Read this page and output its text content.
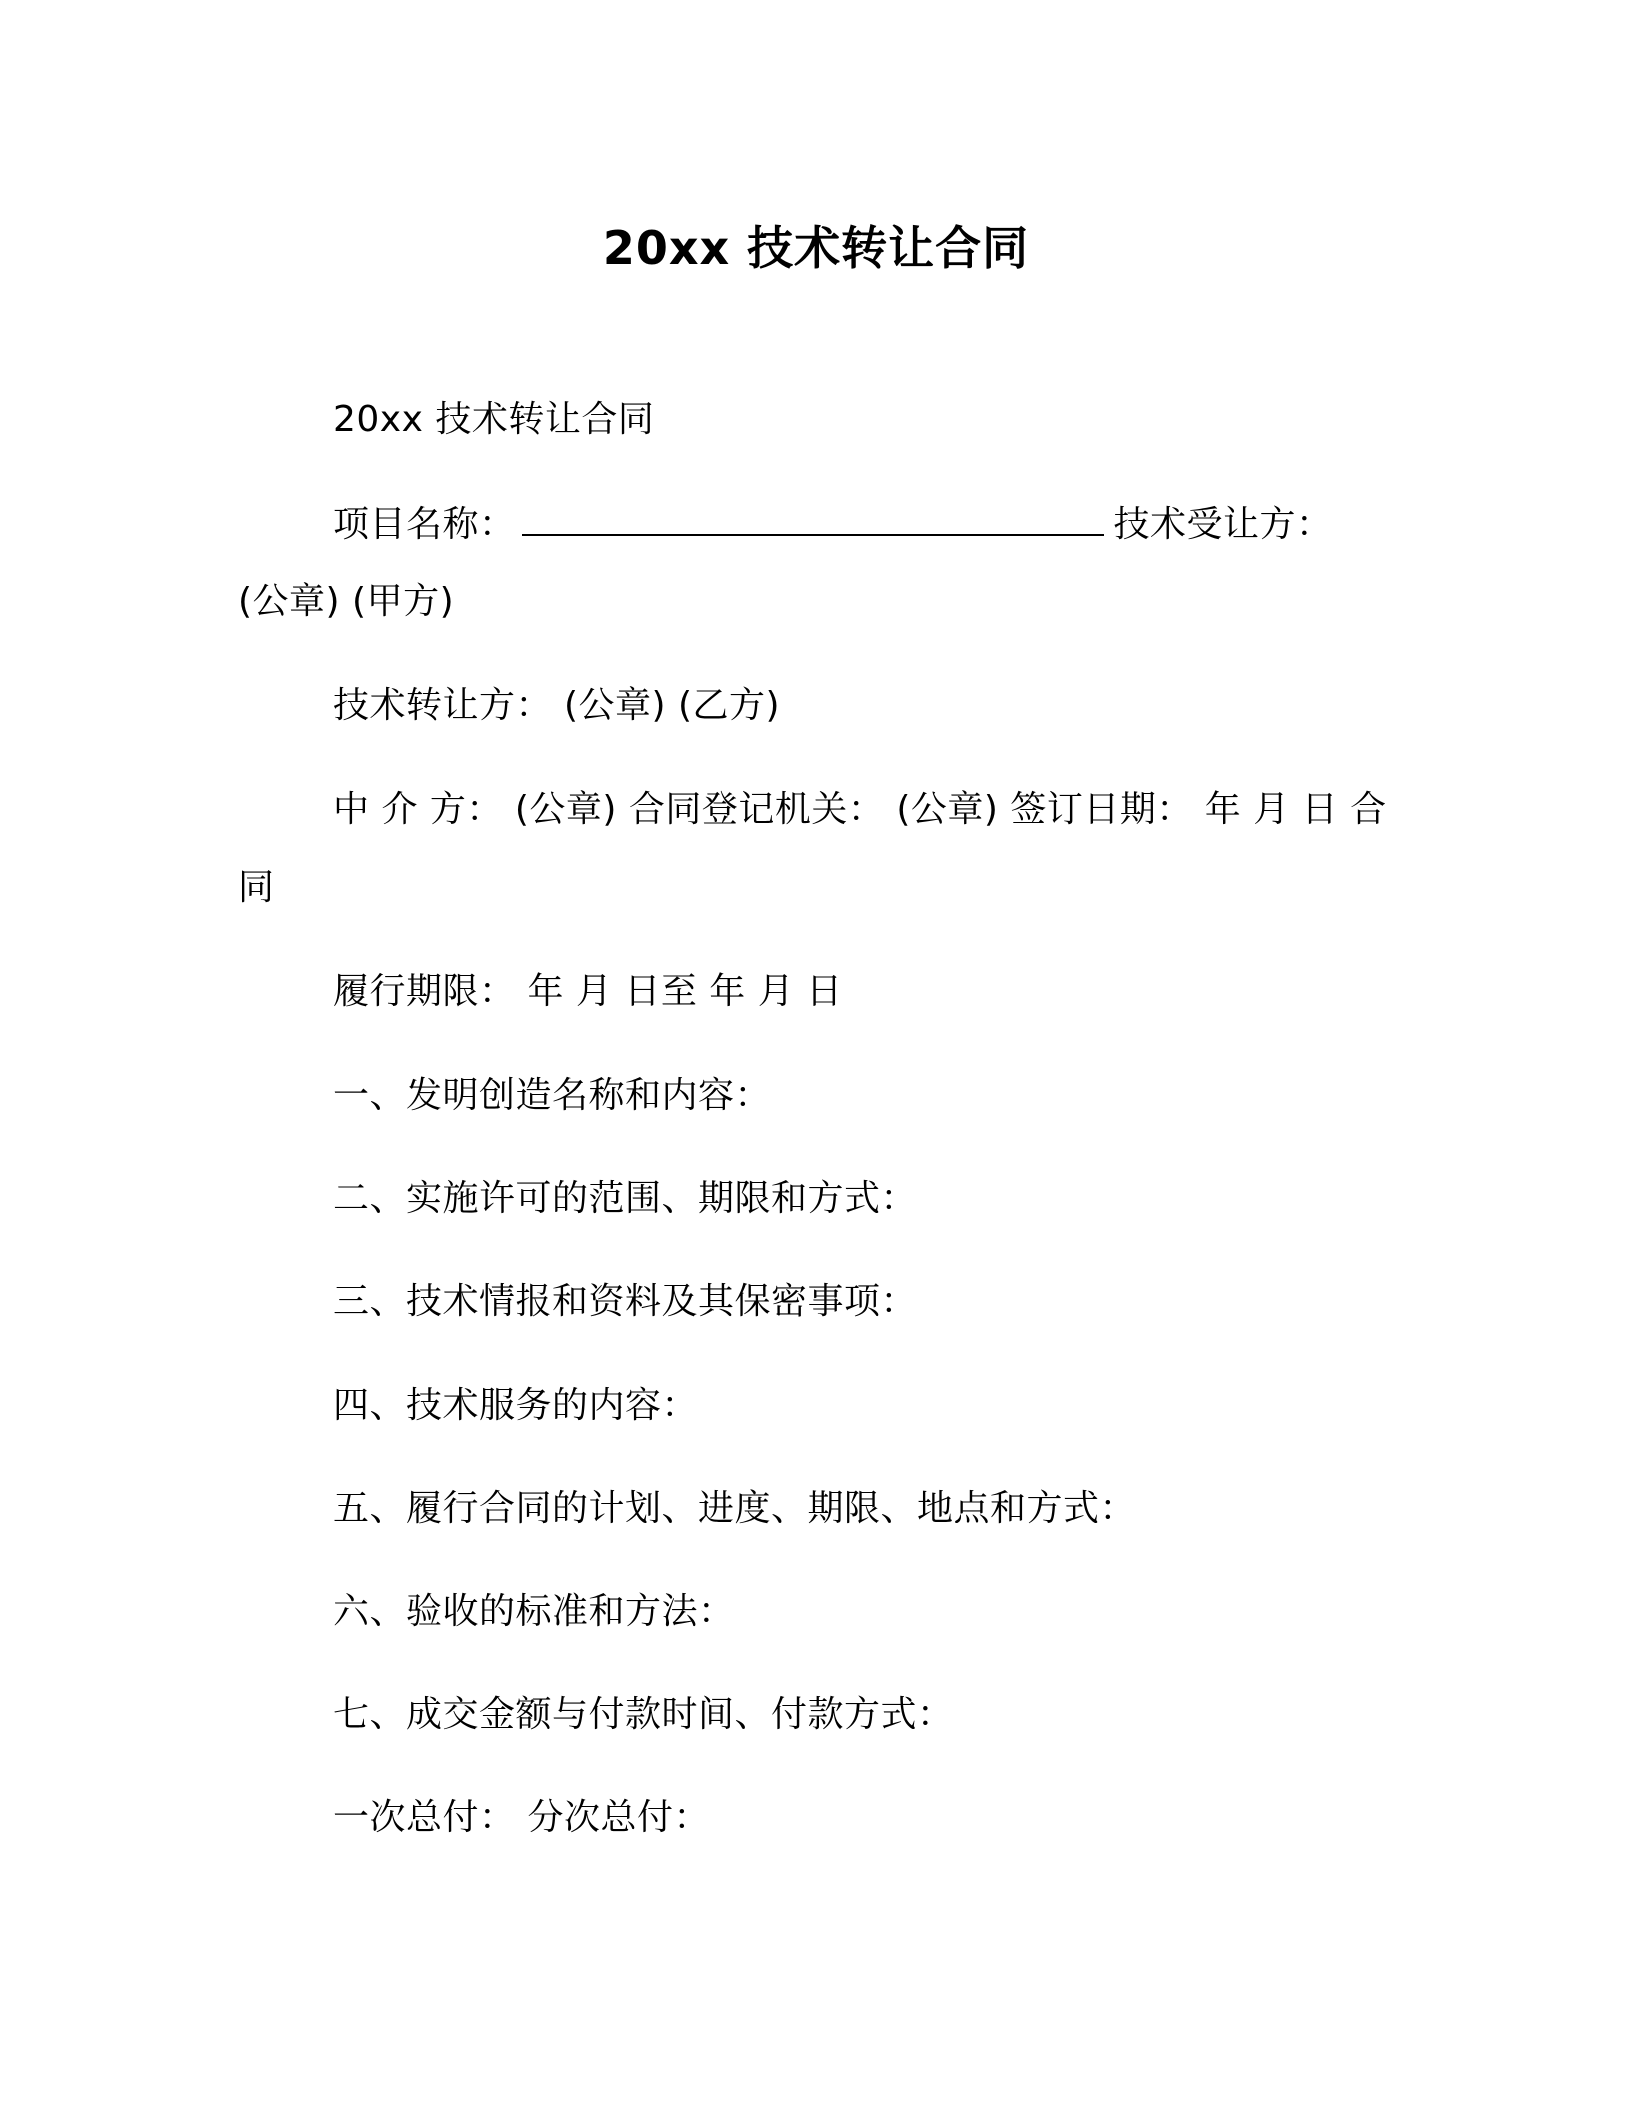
20xx 技术转让合同
20xx 技术转让合同
项目名称：	技术受让方：
(公章) (甲方)
技术转让方： (公章) (乙方)
中 介 方： (公章) 合同登记机关： (公章) 签订日期： 年 月 日 合
同
履行期限： 年 月 日至 年 月 日
一、发明创造名称和内容：
二、实施许可的范围、期限和方式：
三、技术情报和资料及其保密事项：
四、技术服务的内容：
五、履行合同的计划、进度、期限、地点和方式：
六、验收的标准和方法：
七、成交金额与付款时间、付款方式：
一次总付： 分次总付：
